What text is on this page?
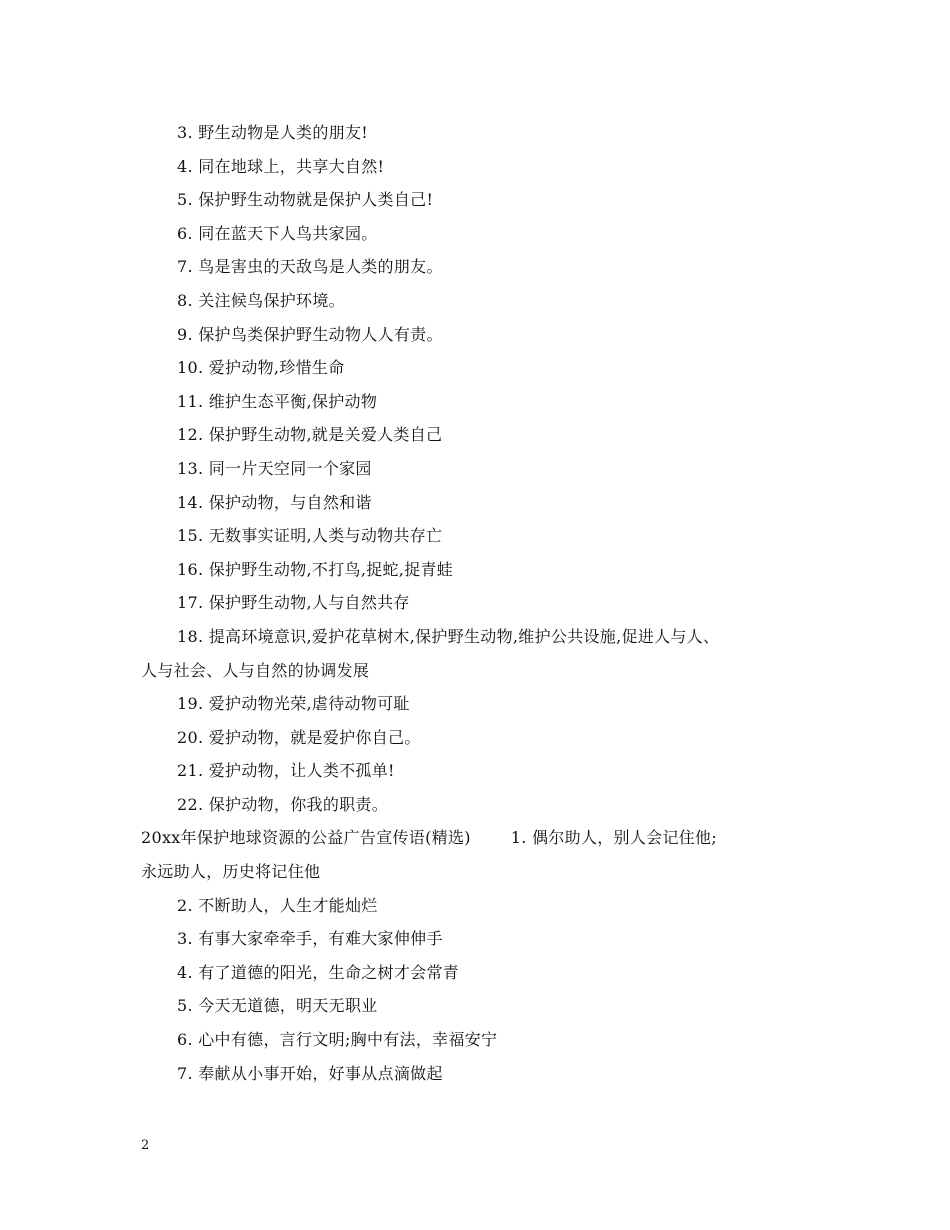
3. 野生动物是人类的朋友!
4. 同在地球上，共享大自然!
5. 保护野生动物就是保护人类自己!
6. 同在蓝天下人鸟共家园。
7. 鸟是害虫的天敌鸟是人类的朋友。
8. 关注候鸟保护环境。
9. 保护鸟类保护野生动物人人有责。
10. 爱护动物,珍惜生命
11. 维护生态平衡,保护动物
12. 保护野生动物,就是关爱人类自己
13. 同一片天空同一个家园
14. 保护动物，与自然和谐
15. 无数事实证明,人类与动物共存亡
16. 保护野生动物,不打鸟,捉蛇,捉青蛙
17. 保护野生动物,人与自然共存
18. 提高环境意识,爱护花草树木,保护野生动物,维护公共设施,促进人与人、
人与社会、人与自然的协调发展
19. 爱护动物光荣,虐待动物可耻
20. 爱护动物，就是爱护你自己。
21. 爱护动物，让人类不孤单!
22. 保护动物，你我的职责。
20xx年保护地球资源的公益广告宣传语(精选)	1. 偶尔助人，别人会记住他;
永远助人，历史将记住他
2. 不断助人，人生才能灿烂
3. 有事大家牵牵手，有难大家伸伸手
4. 有了道德的阳光，生命之树才会常青
5. 今天无道德，明天无职业
6. 心中有德，言行文明;胸中有法，幸福安宁
7. 奉献从小事开始，好事从点滴做起
2
